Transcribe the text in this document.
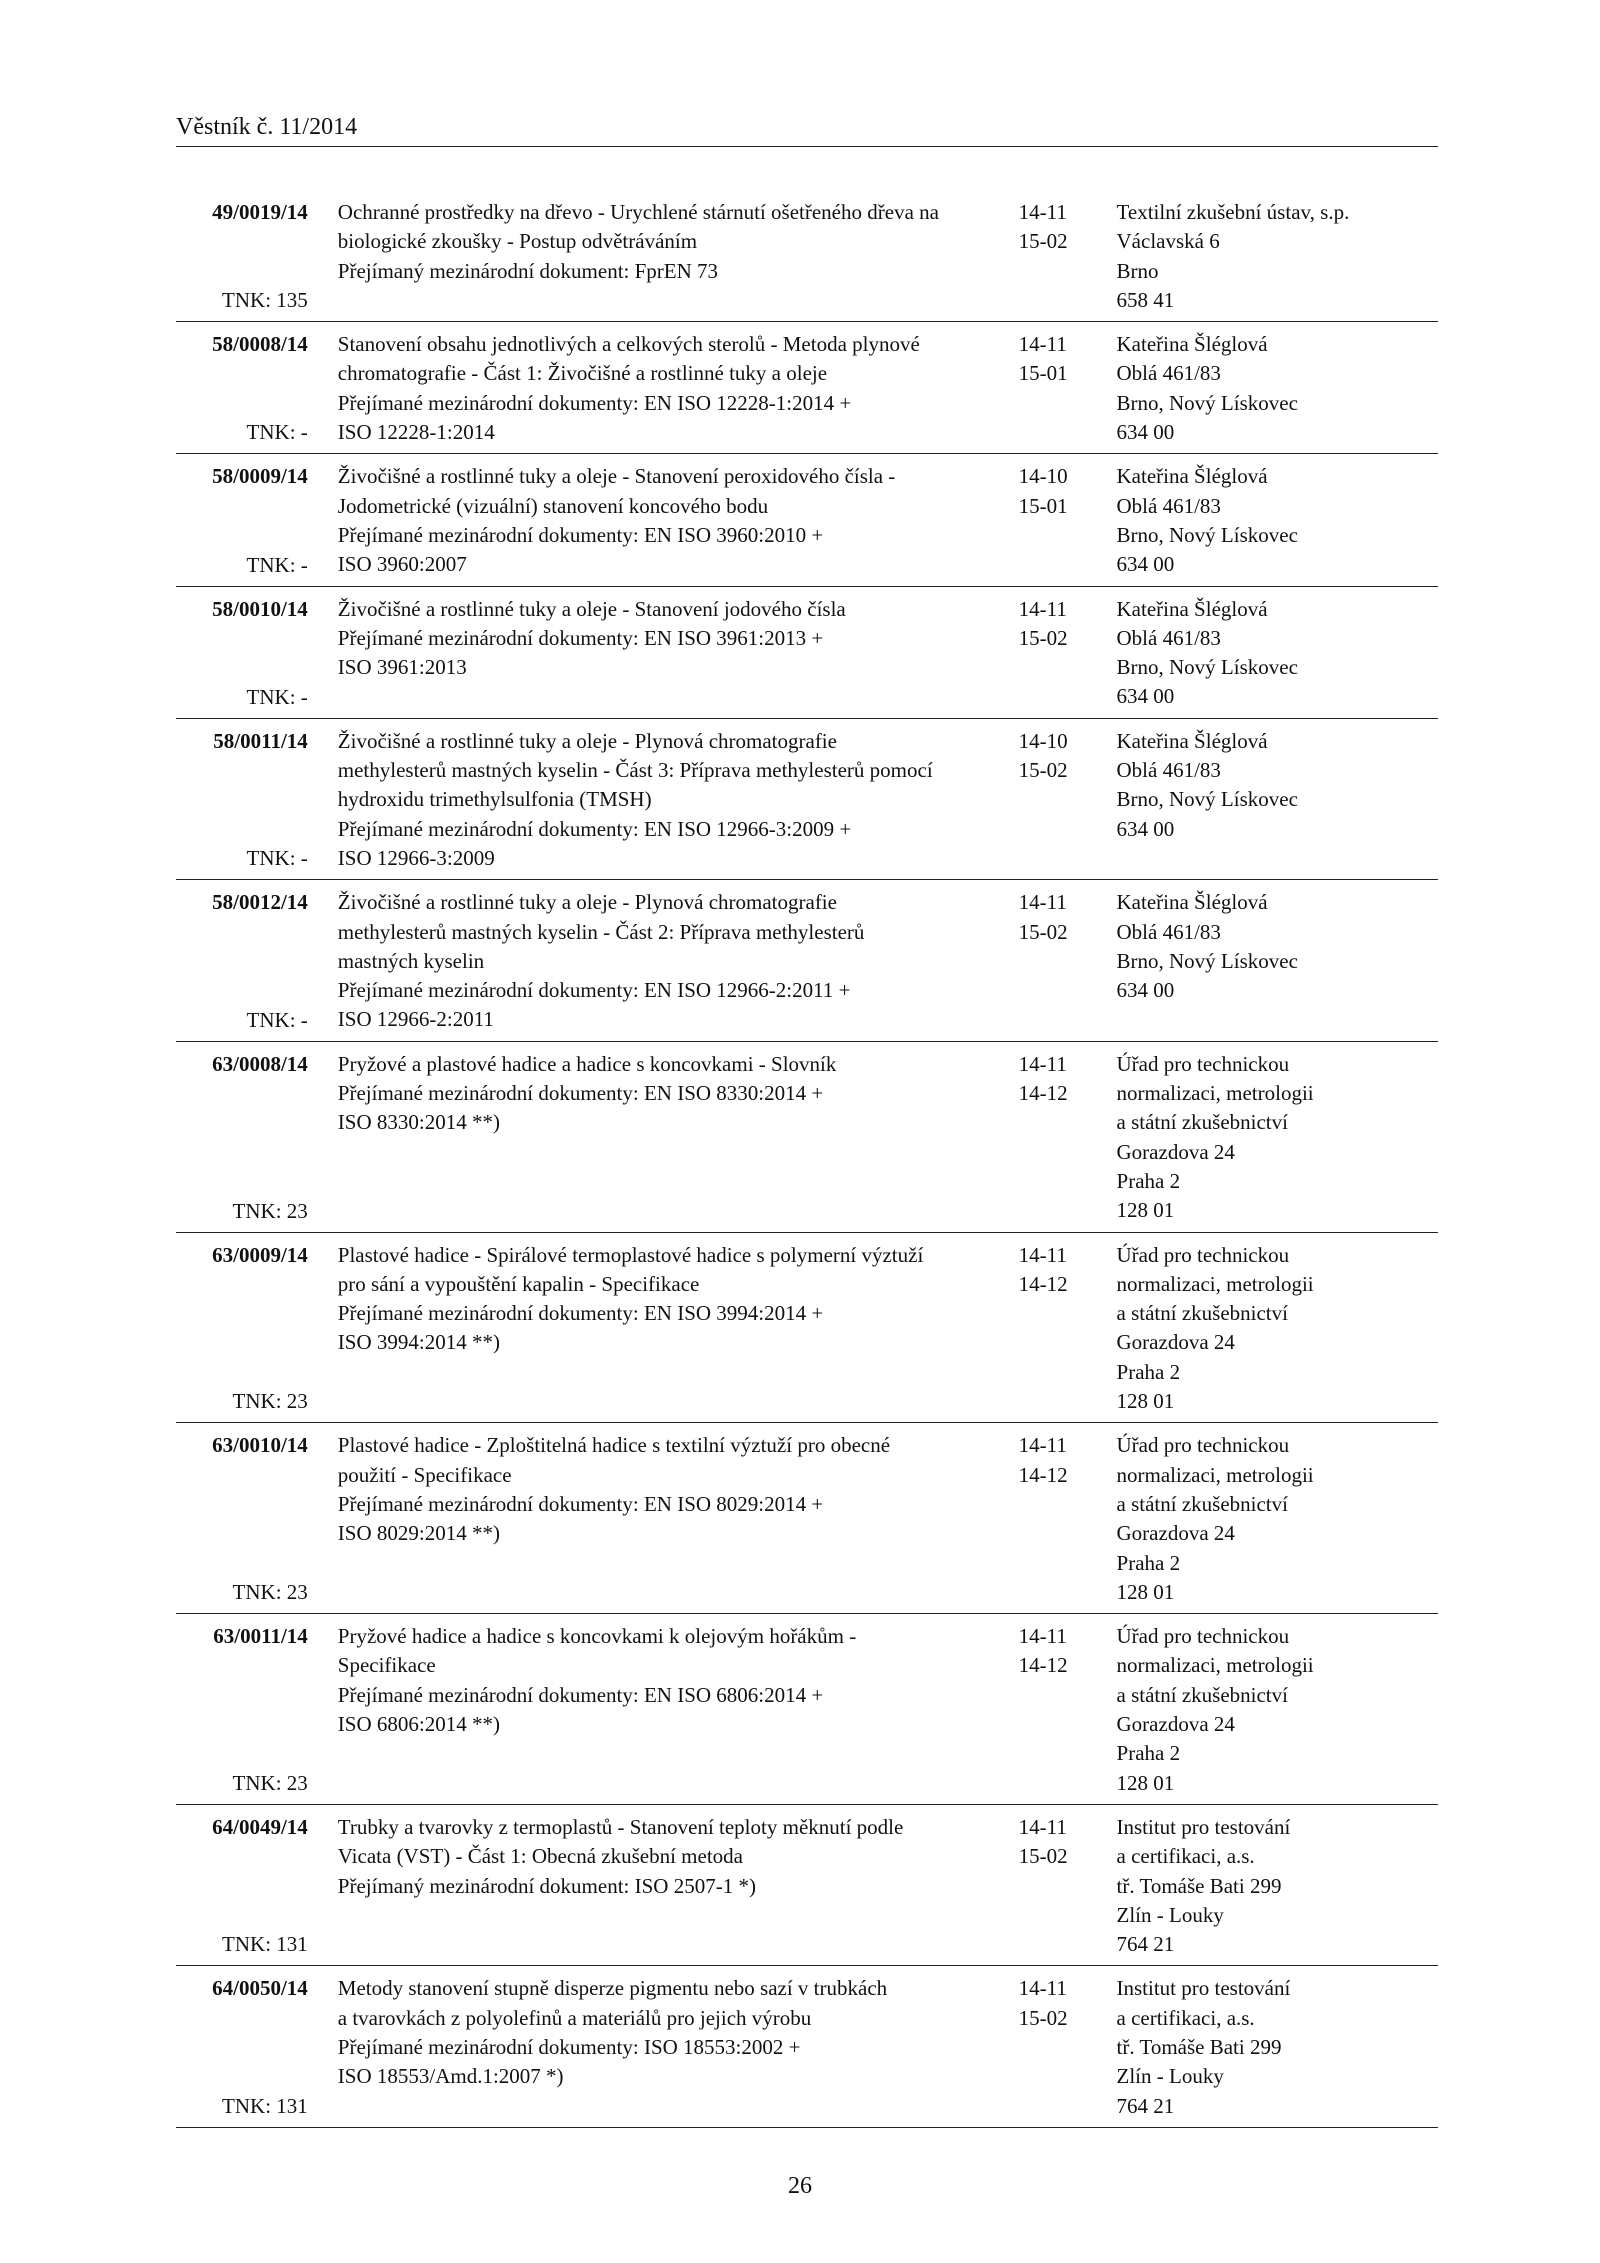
Věstník č. 11/2014
49/0019/14
TNK: 135
Ochranné prostředky na dřevo - Urychlené stárnutí ošetřeného dřeva na
biologické zkoušky - Postup odvětráváním
Přejímaný mezinárodní dokument: FprEN 73
14-11
15-02
Textilní zkušební ústav, s.p.
Václavská 6
Brno
658 41
58/0008/14
TNK: -
Stanovení obsahu jednotlivých a celkových sterolů - Metoda plynové
chromatografie - Část 1: Živočišné a rostlinné tuky a oleje
Přejímané mezinárodní dokumenty: EN ISO 12228-1:2014 +
ISO 12228-1:2014
14-11
15-01
Kateřina Šléglová
Oblá 461/83
Brno, Nový Lískovec
634 00
58/0009/14
TNK: -
Živočišné a rostlinné tuky a oleje - Stanovení peroxidového čísla -
Jodometrické (vizuální) stanovení koncového bodu
Přejímané mezinárodní dokumenty: EN ISO 3960:2010 +
ISO 3960:2007
14-10
15-01
Kateřina Šléglová
Oblá 461/83
Brno, Nový Lískovec
634 00
58/0010/14
TNK: -
Živočišné a rostlinné tuky a oleje - Stanovení jodového čísla
Přejímané mezinárodní dokumenty: EN ISO 3961:2013 +
ISO 3961:2013
14-11
15-02
Kateřina Šléglová
Oblá 461/83
Brno, Nový Lískovec
634 00
58/0011/14
TNK: -
Živočišné a rostlinné tuky a oleje - Plynová chromatografie
methylesterů mastných kyselin - Část 3: Příprava methylesterů pomocí
hydroxidu trimethylsulfonia (TMSH)
Přejímané mezinárodní dokumenty: EN ISO 12966-3:2009 +
ISO 12966-3:2009
14-10
15-02
Kateřina Šléglová
Oblá 461/83
Brno, Nový Lískovec
634 00
58/0012/14
TNK: -
Živočišné a rostlinné tuky a oleje - Plynová chromatografie
methylesterů mastných kyselin - Část 2: Příprava methylesterů
mastných kyselin
Přejímané mezinárodní dokumenty: EN ISO 12966-2:2011 +
ISO 12966-2:2011
14-11
15-02
Kateřina Šléglová
Oblá 461/83
Brno, Nový Lískovec
634 00
63/0008/14
TNK: 23
Pryžové a plastové hadice a hadice s koncovkami - Slovník
Přejímané mezinárodní dokumenty: EN ISO 8330:2014 +
ISO 8330:2014 **)
14-11
14-12
Úřad pro technickou
normalizaci, metrologii
a státní zkušebnictví
Gorazdova 24
Praha 2
128 01
63/0009/14
TNK: 23
Plastové hadice - Spirálové termoplastové hadice s polymerní výztuží
pro sání a vypouštění kapalin - Specifikace
Přejímané mezinárodní dokumenty: EN ISO 3994:2014 +
ISO 3994:2014 **)
14-11
14-12
Úřad pro technickou
normalizaci, metrologii
a státní zkušebnictví
Gorazdova 24
Praha 2
128 01
63/0010/14
TNK: 23
Plastové hadice - Zploštitelná hadice s textilní výztuží pro obecné
použití - Specifikace
Přejímané mezinárodní dokumenty: EN ISO 8029:2014 +
ISO 8029:2014 **)
14-11
14-12
Úřad pro technickou
normalizaci, metrologii
a státní zkušebnictví
Gorazdova 24
Praha 2
128 01
63/0011/14
TNK: 23
Pryžové hadice a hadice s koncovkami k olejovým hořákům -
Specifikace
Přejímané mezinárodní dokumenty: EN ISO 6806:2014 +
ISO 6806:2014 **)
14-11
14-12
Úřad pro technickou
normalizaci, metrologii
a státní zkušebnictví
Gorazdova 24
Praha 2
128 01
64/0049/14
TNK: 131
Trubky a tvarovky z termoplastů - Stanovení teploty měknutí podle
Vicata (VST) - Část 1: Obecná zkušební metoda
Přejímaný mezinárodní dokument: ISO 2507-1 *)
14-11
15-02
Institut pro testování
a certifikaci, a.s.
tř. Tomáše Bati 299
Zlín - Louky
764 21
64/0050/14
TNK: 131
Metody stanovení stupně disperze pigmentu nebo sazí v trubkách
a tvarovkách z polyolefinů a materiálů pro jejich výrobu
Přejímané mezinárodní dokumenty: ISO 18553:2002 +
ISO 18553/Amd.1:2007 *)
14-11
15-02
Institut pro testování
a certifikaci, a.s.
tř. Tomáše Bati 299
Zlín - Louky
764 21
26
